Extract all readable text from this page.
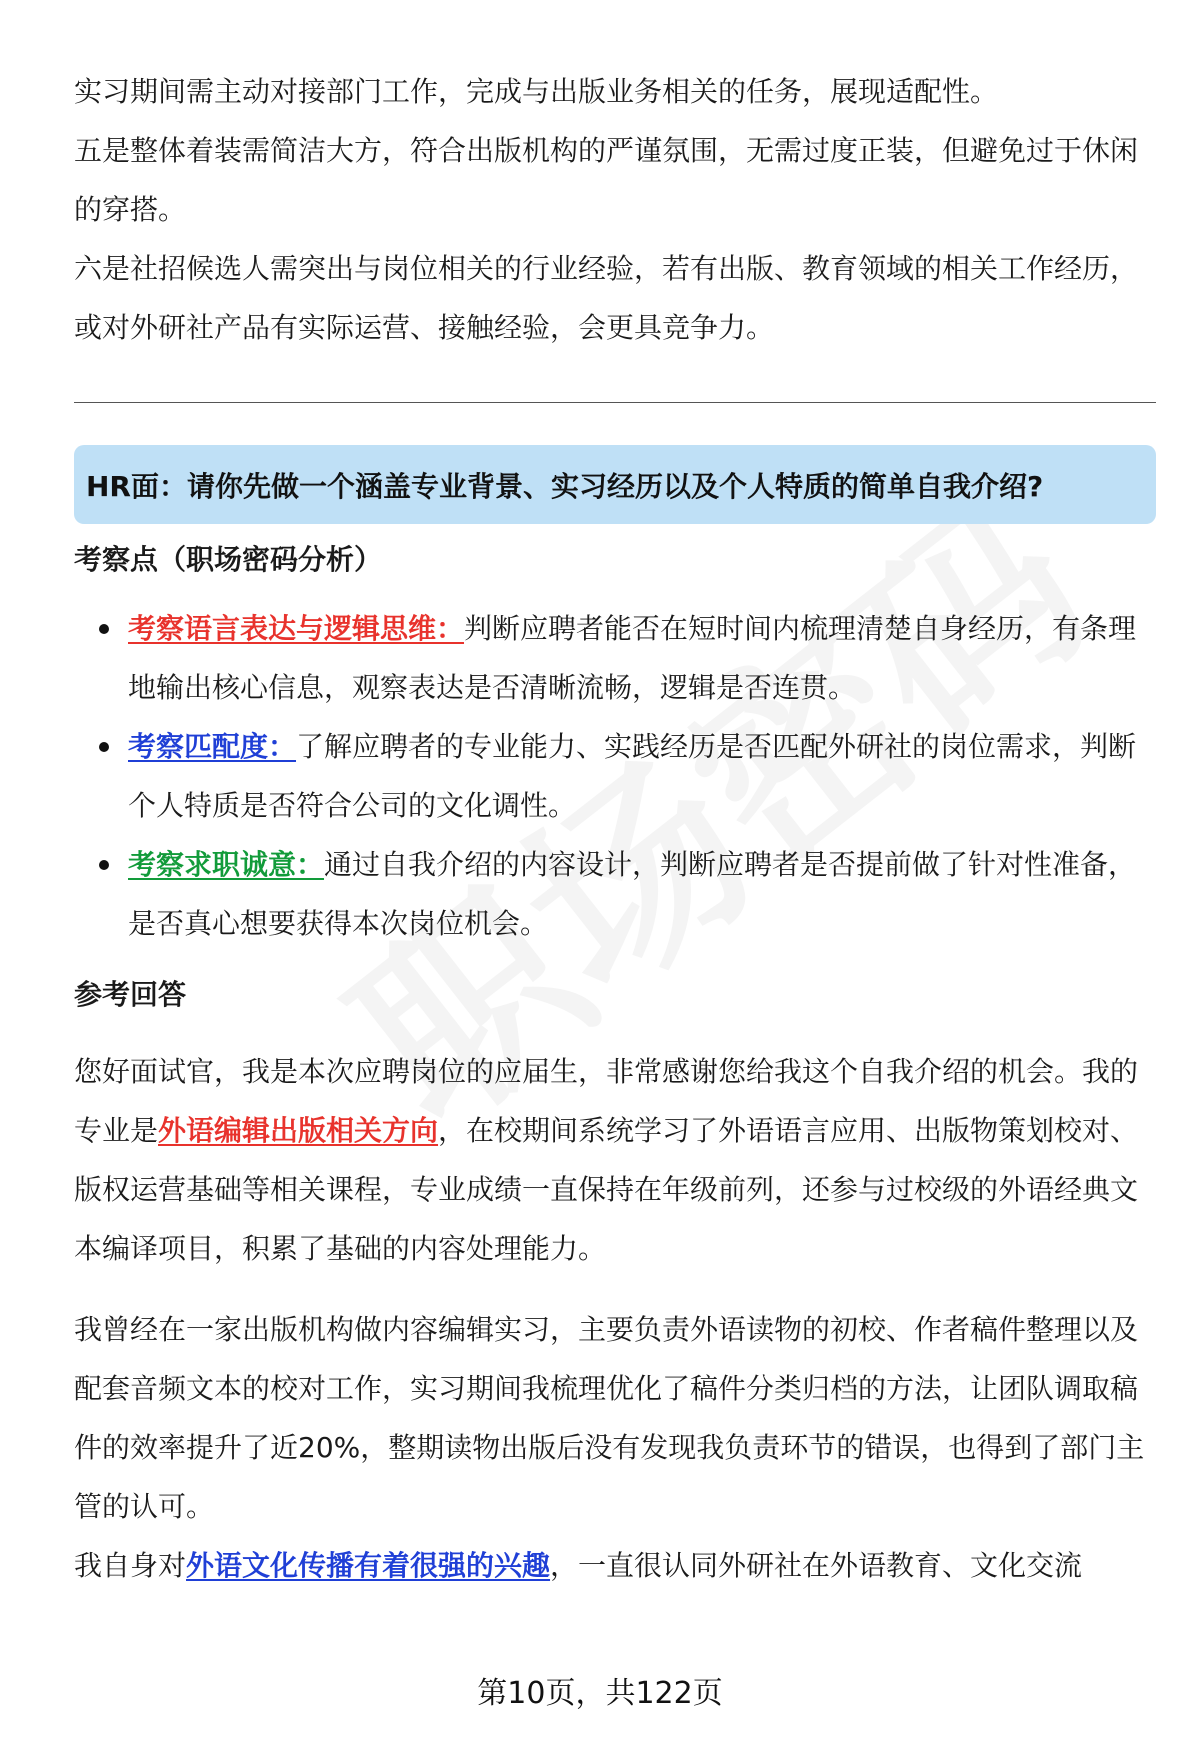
实习期间需主动对接部门工作，完成与出版业务相关的任务，展现适配性。

五是整体着装需简洁大方，符合出版机构的严谨氛围，无需过度正装，但避免过于休闲的穿搭。

六是社招候选人需突出与岗位相关的行业经验，若有出版、教育领域的相关工作经历，或对外研社产品有实际运营、接触经验，会更具竞争力。

HR面：请你先做一个涵盖专业背景、实习经历以及个人特质的简单自我介绍?
考察点（职场密码分析）
考察语言表达与逻辑思维：判断应聘者能否在短时间内梳理清楚自身经历，有条理地输出核心信息，观察表达是否清晰流畅，逻辑是否连贯。
考察匹配度：了解应聘者的专业能力、实践经历是否匹配外研社的岗位需求，判断个人特质是否符合公司的文化调性。
考察求职诚意：通过自我介绍的内容设计，判断应聘者是否提前做了针对性准备，是否真心想要获得本次岗位机会。
参考回答

您好面试官，我是本次应聘岗位的应届生，非常感谢您给我这个自我介绍的机会。我的专业是外语编辑出版相关方向，在校期间系统学习了外语语言应用、出版物策划校对、版权运营基础等相关课程，专业成绩一直保持在年级前列，还参与过校级的外语经典文本编译项目，积累了基础的内容处理能力。

我曾经在一家出版机构做内容编辑实习，主要负责外语读物的初校、作者稿件整理以及配套音频文本的校对工作，实习期间我梳理优化了稿件分类归档的方法，让团队调取稿件的效率提升了近20%，整期读物出版后没有发现我负责环节的错误，也得到了部门主管的认可。

我自身对外语文化传播有着很强的兴趣，一直很认同外研社在外语教育、文化交流

第10页，共122页
